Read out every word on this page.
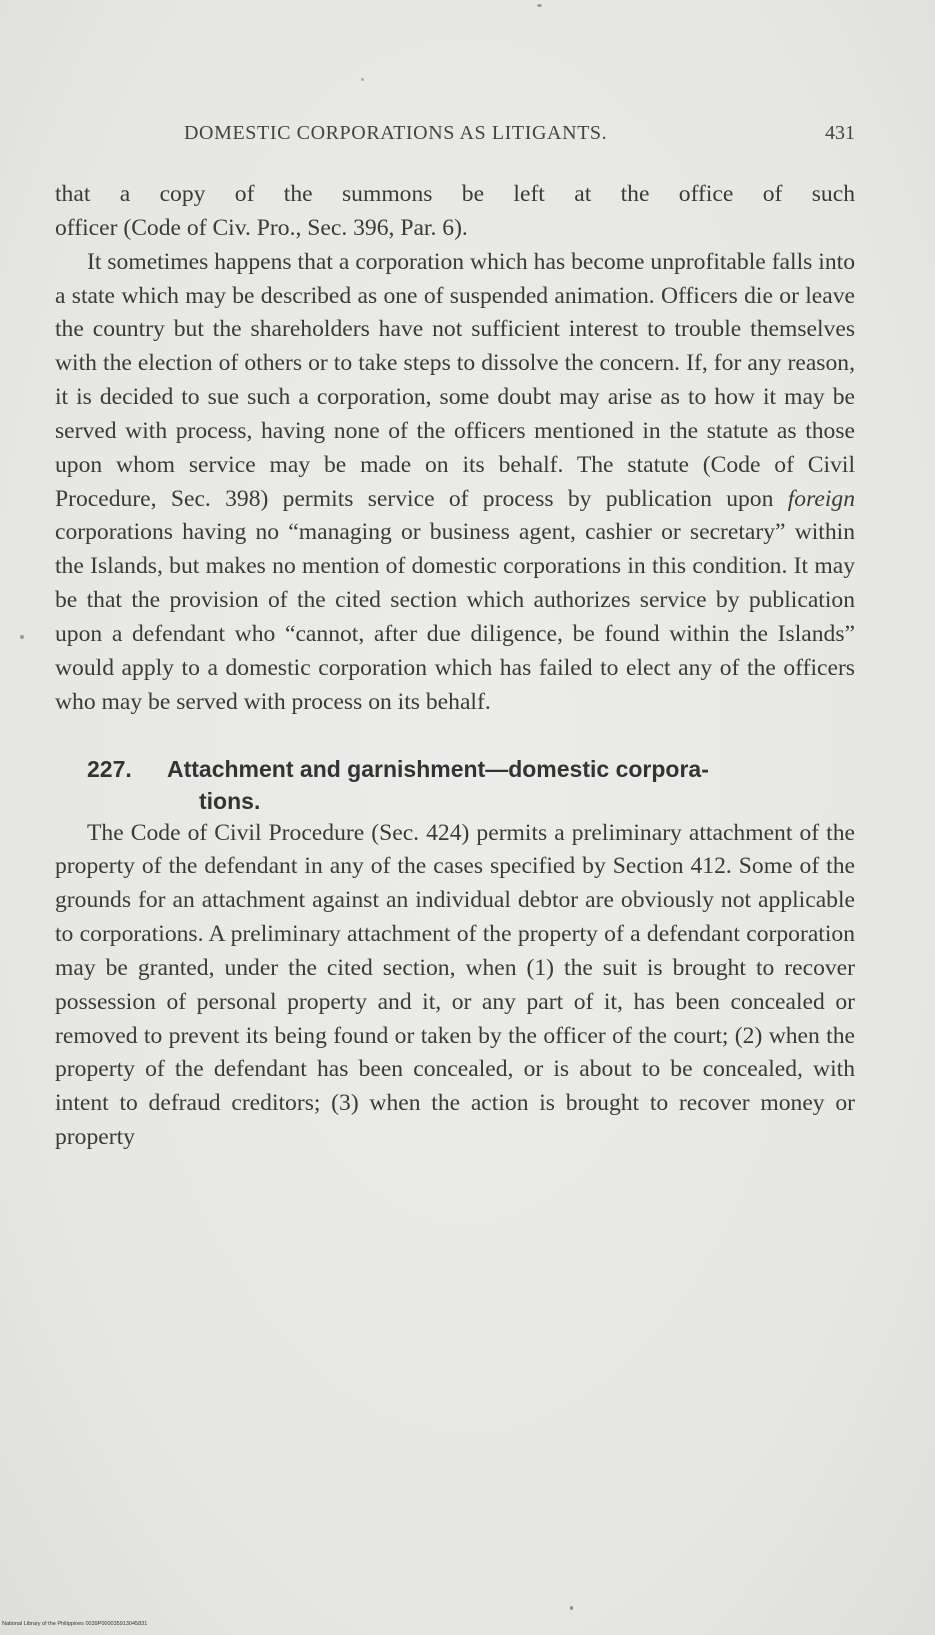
DOMESTIC CORPORATIONS AS LITIGANTS.	431

that a copy of the summons be left at the office of such
officer (Code of Civ. Pro., Sec. 396, Par. 6).

It sometimes happens that a corporation which has become unprofitable falls into a state which may be described as one of suspended animation. Officers die or leave the country but the shareholders have not sufficient interest to trouble themselves with the election of others or to take steps to dissolve the concern. If, for any reason, it is decided to sue such a corporation, some doubt may arise as to how it may be served with process, having none of the officers mentioned in the statute as those upon whom service may be made on its behalf. The statute (Code of Civil Procedure, Sec. 398) permits service of process by publication upon foreign corporations having no “managing or business agent, cashier or secretary” within the Islands, but makes no mention of domestic corporations in this condition. It may be that the provision of the cited section which authorizes service by publication upon a defendant who “cannot, after due diligence, be found within the Islands” would apply to a domestic corporation which has failed to elect any of the officers who may be served with process on its behalf.

227. Attachment and garnishment—domestic corpora-
tions.

The Code of Civil Procedure (Sec. 424) permits a preliminary attachment of the property of the defendant in any of the cases specified by Section 412. Some of the grounds for an attachment against an individual debtor are obviously not applicable to corporations. A preliminary attachment of the property of a defendant corporation may be granted, under the cited section, when (1) the suit is brought to recover possession of personal property and it, or any part of it, has been concealed or removed to prevent its being found or taken by the officer of the court; (2) when the property of the defendant has been concealed, or is about to be concealed, with intent to defraud creditors; (3) when the action is brought to recover money or property

National Library of the Philippines 0039P000035913045831
